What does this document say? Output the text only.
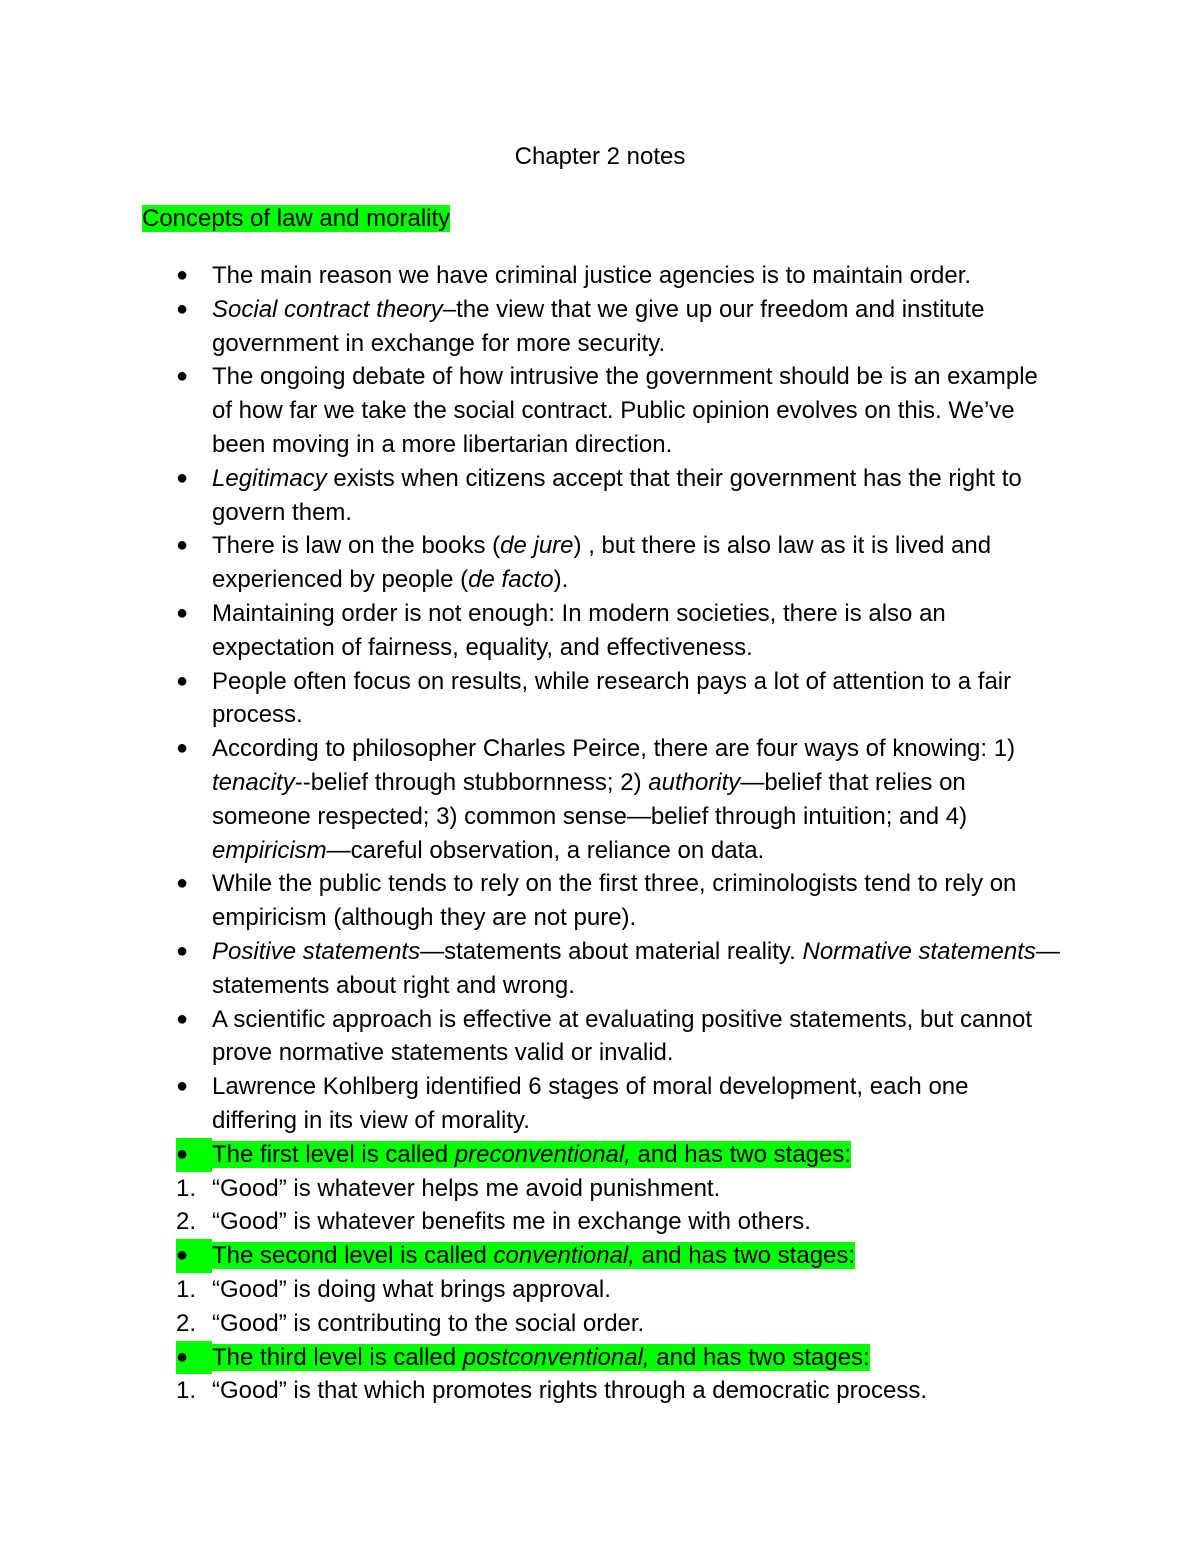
Chapter 2 notes
Concepts of law and morality
● The main reason we have criminal justice agencies is to maintain order.
● Social contract theory–the view that we give up our freedom and institute government in exchange for more security.
● The ongoing debate of how intrusive the government should be is an example of how far we take the social contract. Public opinion evolves on this. We’ve been moving in a more libertarian direction.
● Legitimacy exists when citizens accept that their government has the right to govern them.
● There is law on the books (de jure) , but there is also law as it is lived and experienced by people (de facto).
● Maintaining order is not enough: In modern societies, there is also an expectation of fairness, equality, and effectiveness.
● People often focus on results, while research pays a lot of attention to a fair process.
● According to philosopher Charles Peirce, there are four ways of knowing: 1) tenacity--belief through stubbornness; 2) authority—belief that relies on someone respected; 3) common sense—belief through intuition; and 4) empiricism—careful observation, a reliance on data.
● While the public tends to rely on the first three, criminologists tend to rely on empiricism (although they are not pure).
● Positive statements—statements about material reality. Normative statements—statements about right and wrong.
● A scientific approach is effective at evaluating positive statements, but cannot prove normative statements valid or invalid.
● Lawrence Kohlberg identified 6 stages of moral development, each one differing in its view of morality.
● The first level is called preconventional, and has two stages:
1. “Good” is whatever helps me avoid punishment.
2. “Good” is whatever benefits me in exchange with others.
● The second level is called conventional, and has two stages:
1. “Good” is doing what brings approval.
2. “Good” is contributing to the social order.
● The third level is called postconventional, and has two stages:
1. “Good” is that which promotes rights through a democratic process.
